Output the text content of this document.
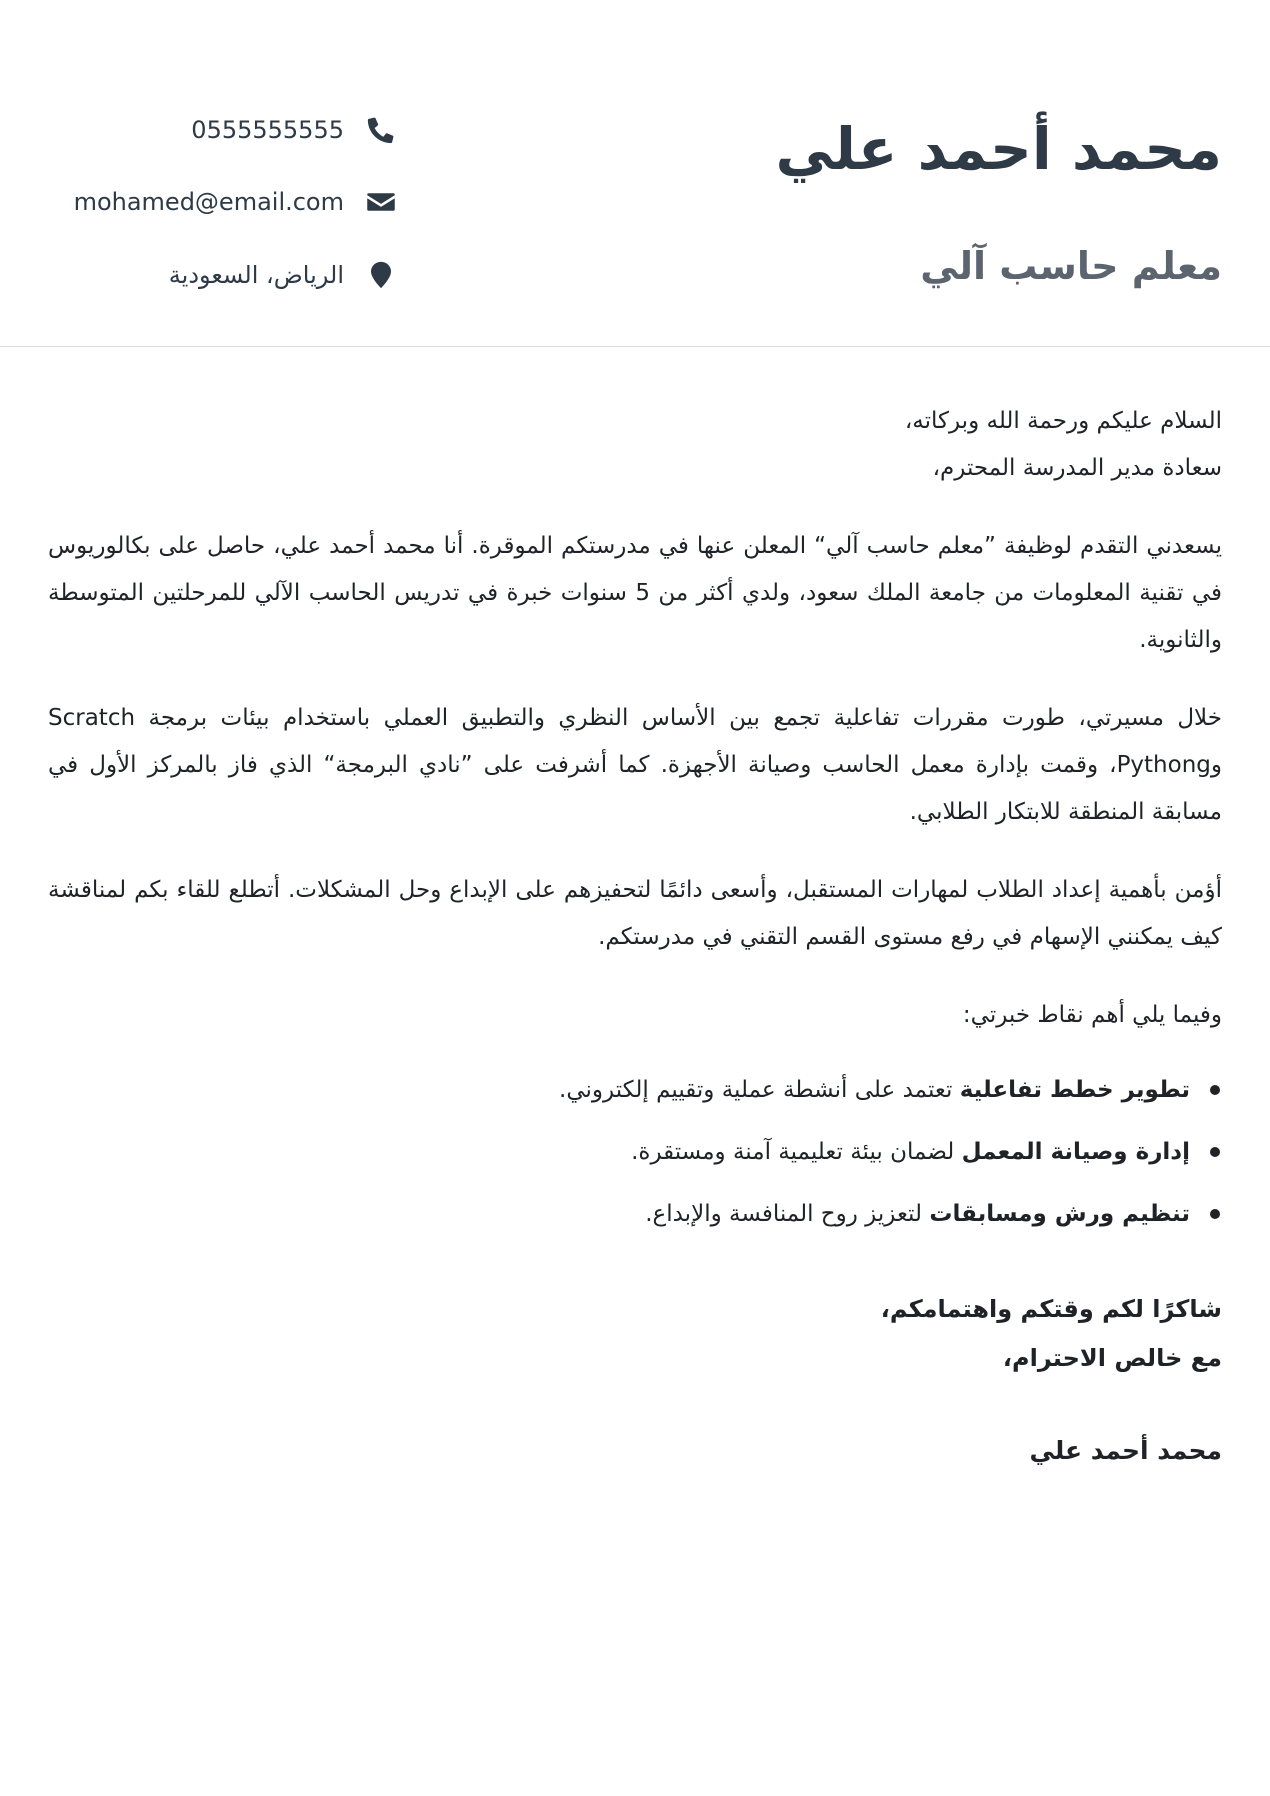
محمد أحمد علي
معلم حاسب آلي
0555555555
mohamed@email.com
الرياض، السعودية

السلام عليكم ورحمة الله وبركاته،

سعادة مدير المدرسة المحترم،

يسعدني التقدم لوظيفة ”معلم حاسب آلي“ المعلن عنها في مدرستكم الموقرة. أنا محمد أحمد علي، حاصل على بكالوريوس في تقنية المعلومات من جامعة الملك سعود، ولدي أكثر من 5 سنوات خبرة في تدريس الحاسب الآلي للمرحلتين المتوسطة والثانوية.

خلال مسيرتي، طورت مقررات تفاعلية تجمع بين الأساس النظري والتطبيق العملي باستخدام بيئات برمجة Scratch وPythong، وقمت بإدارة معمل الحاسب وصيانة الأجهزة. كما أشرفت على ”نادي البرمجة“ الذي فاز بالمركز الأول في مسابقة المنطقة للابتكار الطلابي.

أؤمن بأهمية إعداد الطلاب لمهارات المستقبل، وأسعى دائمًا لتحفيزهم على الإبداع وحل المشكلات. أتطلع للقاء بكم لمناقشة كيف يمكنني الإسهام في رفع مستوى القسم التقني في مدرستكم.

وفيما يلي أهم نقاط خبرتي:

تطوير خطط تفاعلية تعتمد على أنشطة عملية وتقييم إلكتروني.
إدارة وصيانة المعمل لضمان بيئة تعليمية آمنة ومستقرة.
تنظيم ورش ومسابقات لتعزيز روح المنافسة والإبداع.

شاكرًا لكم وقتكم واهتمامكم،

مع خالص الاحترام،

محمد أحمد علي
